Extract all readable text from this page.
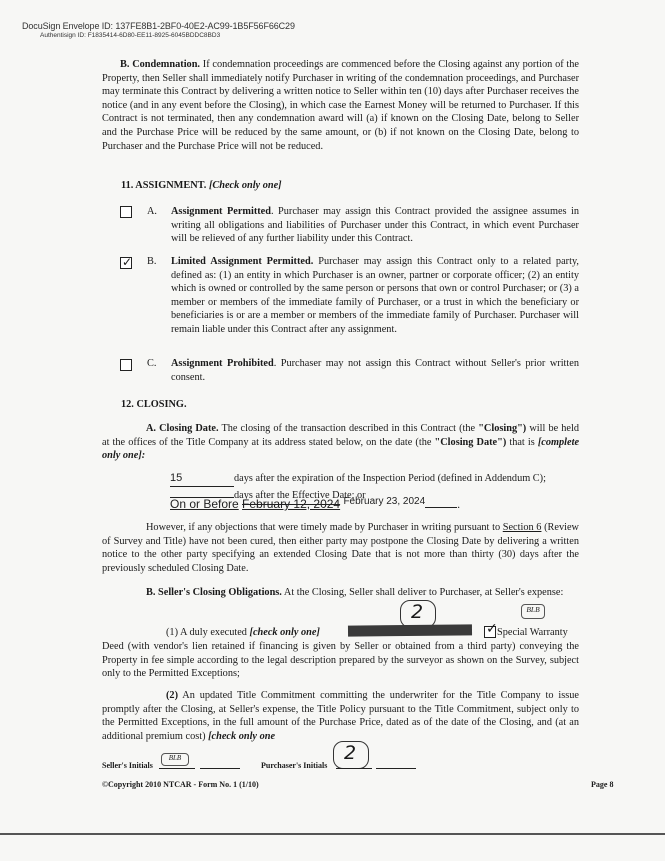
DocuSign Envelope ID: 137FE8B1-2BF0-40E2-AC99-1B5F56F66C29
Authentisign ID: F1835414-6D80-EE11-8925-6045BDDC8BD3

B. Condemnation. If condemnation proceedings are commenced before the Closing against any portion of the Property, then Seller shall immediately notify Purchaser in writing of the condemnation proceedings, and Purchaser may terminate this Contract by delivering a written notice to Seller within ten (10) days after Purchaser receives the notice (and in any event before the Closing), in which case the Earnest Money will be returned to Purchaser. If this Contract is not terminated, then any condemnation award will (a) if known on the Closing Date, belong to Seller and the Purchase Price will be reduced by the same amount, or (b) if not known on the Closing Date, belong to Purchaser and the Purchase Price will not be reduced.

11. ASSIGNMENT. [Check only one]

A. Assignment Permitted. Purchaser may assign this Contract provided the assignee assumes in writing all obligations and liabilities of Purchaser under this Contract, in which event Purchaser will be relieved of any further liability under this Contract.

✓ B. Limited Assignment Permitted. Purchaser may assign this Contract only to a related party, defined as: (1) an entity in which Purchaser is an owner, partner or corporate officer; (2) an entity which is owned or controlled by the same person or persons that own or control Purchaser; or (3) a member or members of the immediate family of Purchaser, or a trust in which the beneficiary or beneficiaries is or are a member or members of the immediate family of Purchaser. Purchaser will remain liable under this Contract after any assignment.

C. Assignment Prohibited. Purchaser may not assign this Contract without Seller's prior written consent.

12. CLOSING.

A. Closing Date. The closing of the transaction described in this Contract (the "Closing") will be held at the offices of the Title Company at its address stated below, on the date (the "Closing Date") that is [complete only one]:

15	days after the expiration of the Inspection Period (defined in Addendum C);

days after the Effective Date; or

On or Before February 12, 2024 $^{February 23, 2024}$	.

However, if any objections that were timely made by Purchaser in writing pursuant to Section 6 (Review of Survey and Title) have not been cured, then either party may postpone the Closing Date by delivering a written notice to the other party specifying an extended Closing Date that is not more than thirty (30) days after the previously scheduled Closing Date.

B. Seller's Closing Obligations. At the Closing, Seller shall deliver to Purchaser, at Seller's expense:

2	BLB

(1) A duly executed [check only one]	✓ Special Warranty

Deed (with vendor's lien retained if financing is given by Seller or obtained from a third party) conveying the Property in fee simple according to the legal description prepared by the surveyor as shown on the Survey, subject only to the Permitted Exceptions;

(2) An updated Title Commitment committing the underwriter for the Title Company to issue promptly after the Closing, at Seller's expense, the Title Policy pursuant to the Title Commitment, subject only to the Permitted Exceptions, in the full amount of the Purchase Price, dated as of the date of the Closing, and (at an additional premium cost) [check only one

2

Seller's Initials

BLB

Purchaser's Initials

©Copyright 2010 NTCAR - Form No. 1 (1/10)	Page 8
